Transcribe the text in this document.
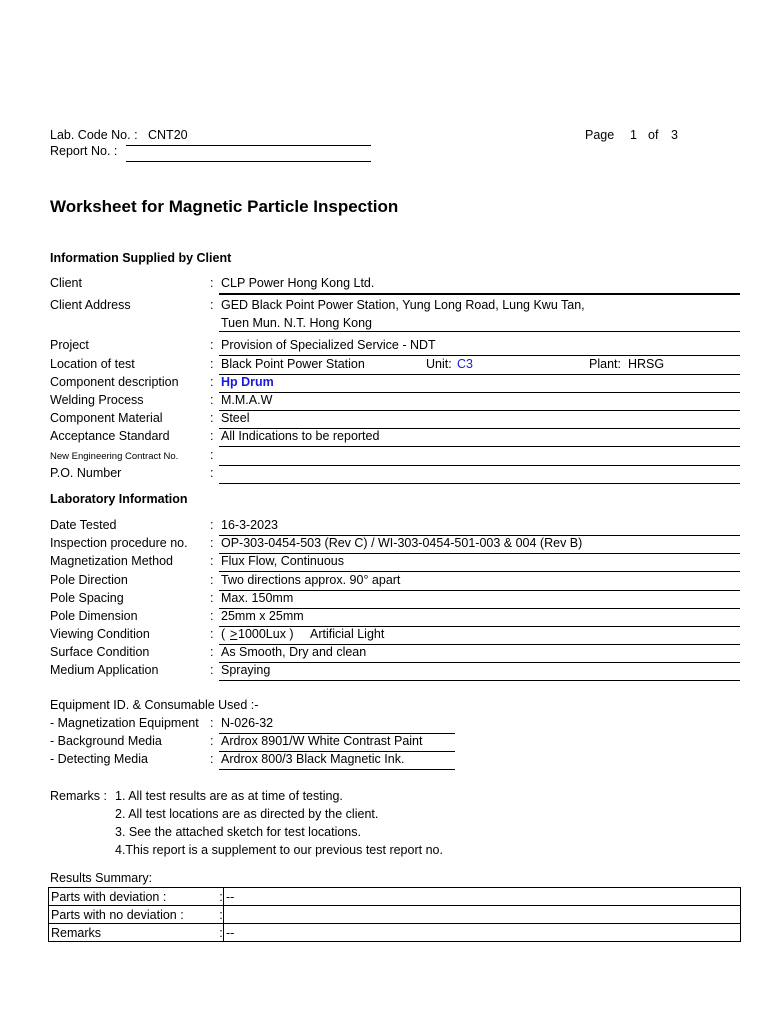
Lab. Code No. : CNT20
Report No. :
Page 1 of 3
Worksheet for Magnetic Particle Inspection
Information Supplied by Client
Client	: CLP Power Hong Kong Ltd.
Client Address	: GED Black Point Power Station, Yung Long Road, Lung Kwu Tan,
Tuen Mun. N.T. Hong Kong
Project	: Provision of Specialized Service - NDT
Location of test	: Black Point Power Station	Unit: C3	Plant: HRSG
Component description	: Hp Drum
Welding Process	: M.M.A.W
Component Material	: Steel
Acceptance Standard	: All Indications to be reported
New Engineering Contract No.	:
P.O. Number	:
Laboratory Information
Date Tested	: 16-3-2023
Inspection procedure no. : OP-303-0454-503 (Rev C) / WI-303-0454-501-003 & 004 (Rev B)
Magnetization Method	: Flux Flow, Continuous
Pole Direction	: Two directions approx. 90° apart
Pole Spacing	: Max. 150mm
Pole Dimension	: 25mm x 25mm
Viewing Condition	: ( > 1000Lux ) Artificial Light
Surface Condition	: As Smooth, Dry and clean
Medium Application	: Spraying
Equipment ID. & Consumable Used :-
- Magnetization Equipment : N-026-32
- Background Media	: Ardrox 8901/W White Contrast Paint
- Detecting Media	: Ardrox 800/3 Black Magnetic Ink.
Remarks : 1. All test results are as at time of testing.
2. All test locations are as directed by the client.
3. See the attached sketch for test locations.
4.This report is a supplement to our previous test report no.
Results Summary:
Parts with deviation :	:	--
Parts with no deviation :	:	
Remarks	:	--
